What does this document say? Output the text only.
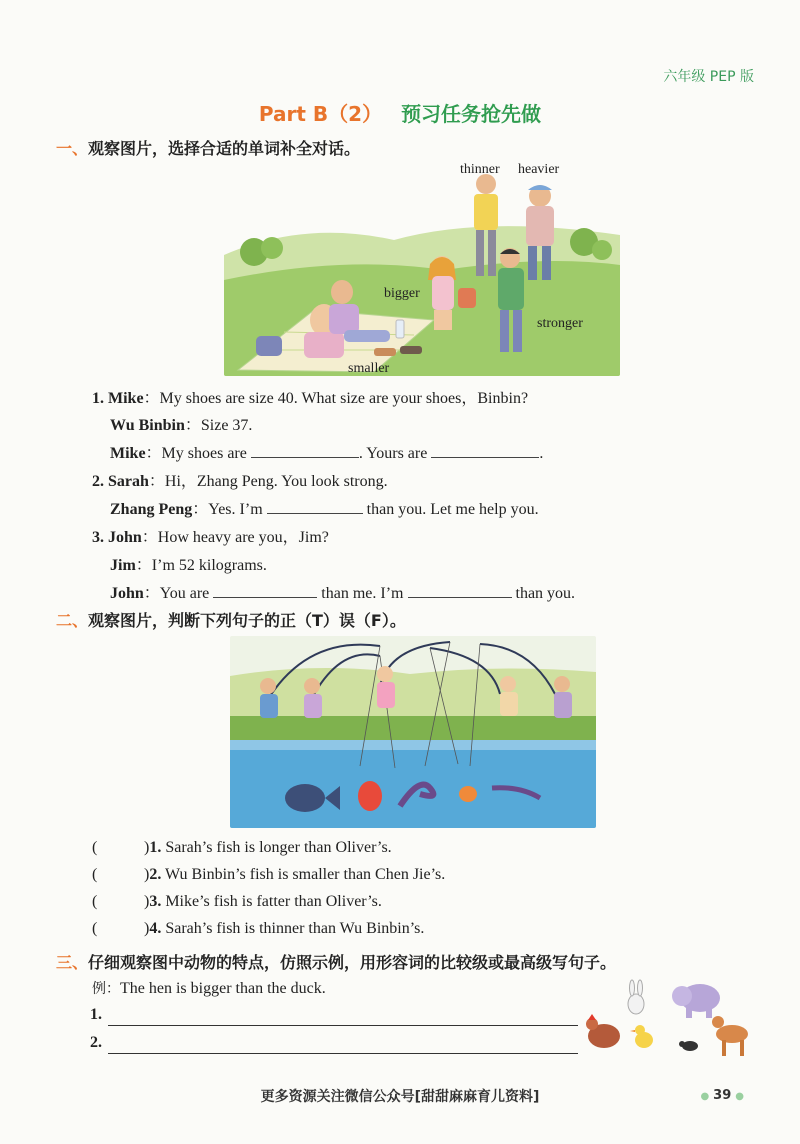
六年级 PEP 版
Part B（2） 预习任务抢先做
一、观察图片，选择合适的单词补全对话。
thinner heavier
bigger
stronger
smaller
1. Mike：My shoes are size 40. What size are your shoes，Binbin?
Wu Binbin：Size 37.
Mike：My shoes are	. Yours are	.
2. Sarah：Hi，Zhang Peng. You look strong.
Zhang Peng：Yes. I’m	than you. Let me help you.
3. John：How heavy are you，Jim?
Jim：I’m 52 kilograms.
John：You are	than me. I’m	than you.
二、观察图片，判断下列句子的正（T）误（F）。
(	)1. Sarah’s fish is longer than Oliver’s.
(	)2. Wu Binbin’s fish is smaller than Chen Jie’s.
(	)3. Mike’s fish is fatter than Oliver’s.
(	)4. Sarah’s fish is thinner than Wu Binbin’s.
三、仔细观察图中动物的特点，仿照示例，用形容词的比较级或最高级写句子。
例：The hen is bigger than the duck.
1.
2.
更多资源关注微信公众号[甜甜麻麻育儿资料]	● 39 ●
